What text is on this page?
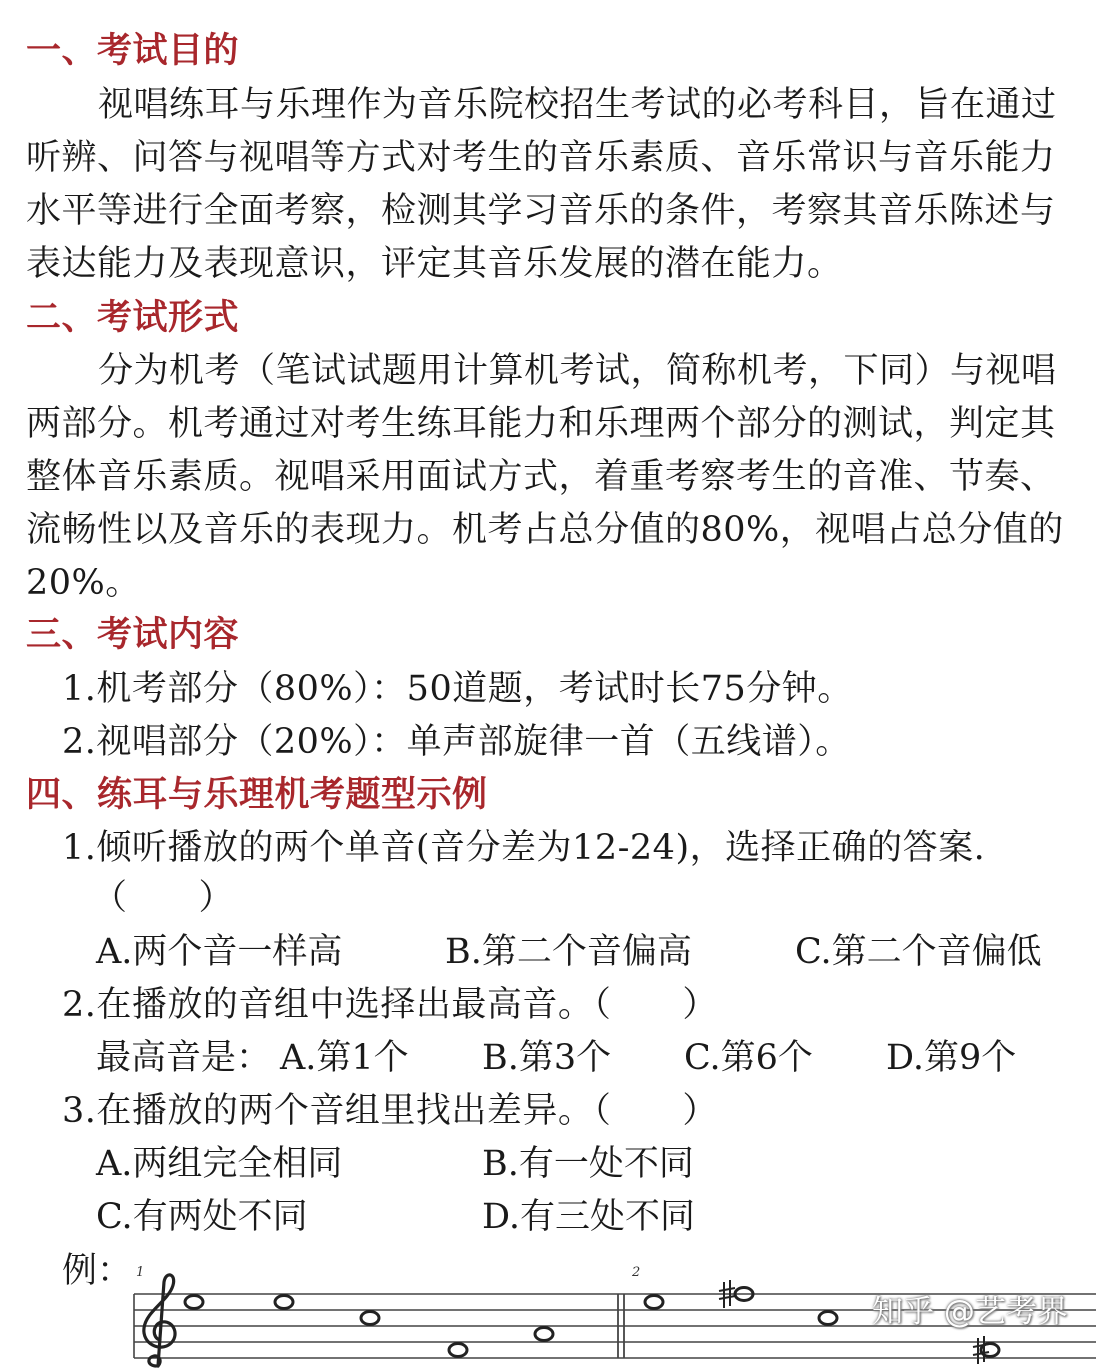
一、考试目的
视唱练耳与乐理作为音乐院校招生考试的必考科目，旨在通过
听辨、问答与视唱等方式对考生的音乐素质、音乐常识与音乐能力
水平等进行全面考察，检测其学习音乐的条件，考察其音乐陈述与
表达能力及表现意识，评定其音乐发展的潜在能力。
二、考试形式
分为机考（笔试试题用计算机考试，简称机考，下同）与视唱
两部分。机考通过对考生练耳能力和乐理两个部分的测试，判定其
整体音乐素质。视唱采用面试方式，着重考察考生的音准、节奏、
流畅性以及音乐的表现力。机考占总分值的80%，视唱占总分值的
20%。
三、考试内容
1.机考部分（80%）：50道题，考试时长75分钟。
2.视唱部分（20%）：单声部旋律一首（五线谱）。
四、练耳与乐理机考题型示例
1.倾听播放的两个单音(音分差为12-24)，选择正确的答案.
（　　）
A.两个音一样高	B.第二个音偏高	C.第二个音偏低
2.在播放的音组中选择出最高音。（　　）
最高音是： A.第1个 B.第3个 C.第6个 D.第9个
3.在播放的两个音组里找出差异。（　　）
A.两组完全相同	B.有一处不同
C.有两处不同	D.有三处不同
例： 1	2
知乎 @艺考界
